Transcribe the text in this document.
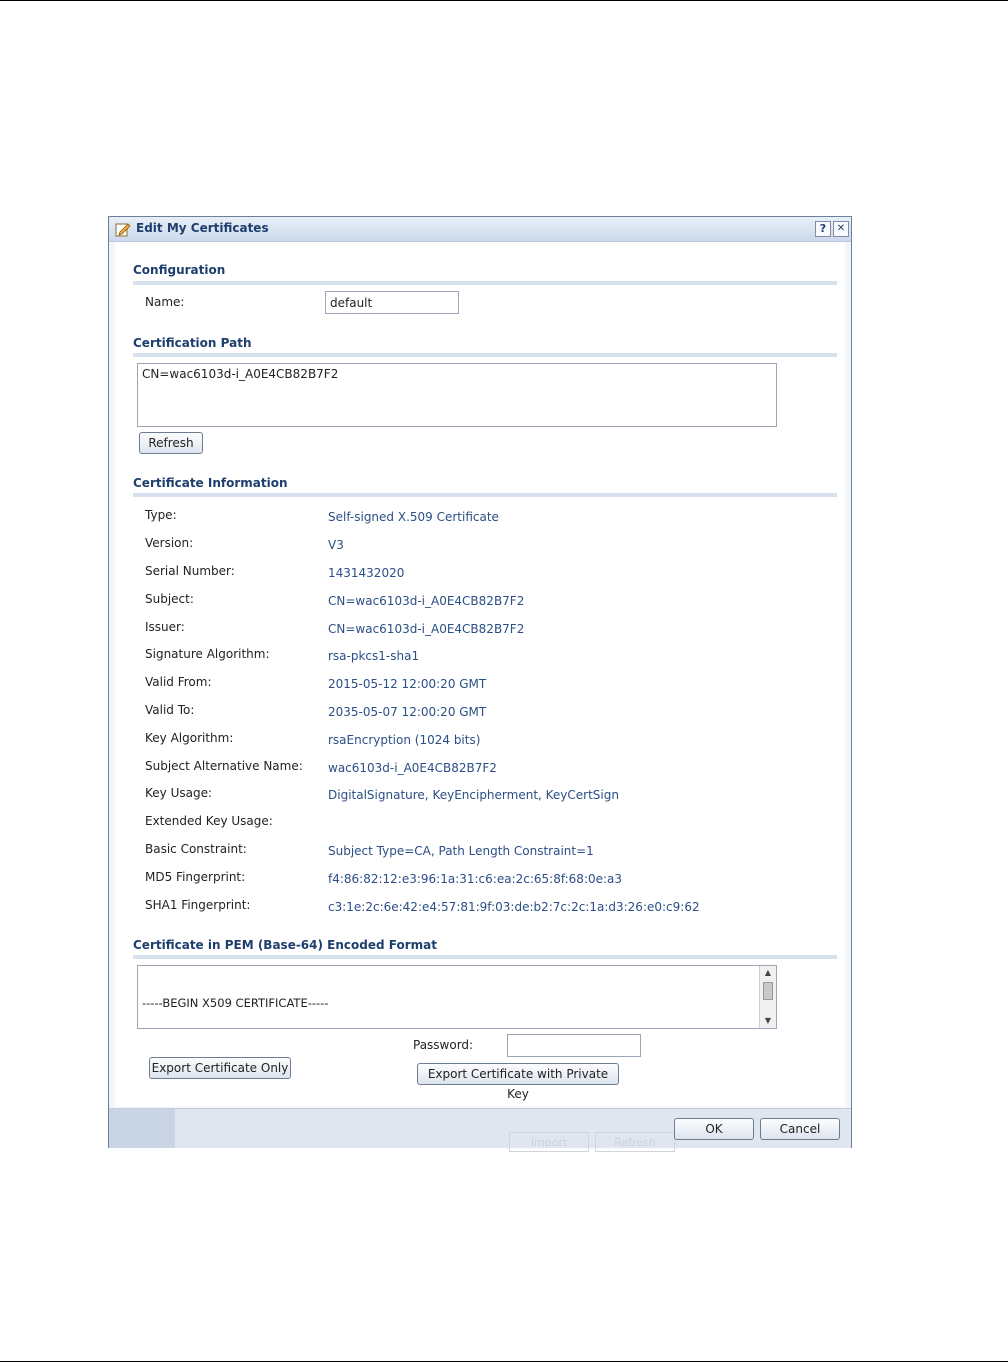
Edit My Certificates	?	✕
Configuration
Name:
default
Certification Path
CN=wac6103d-i_A0E4CB82B7F2
Refresh
Certificate Information
Type:	Self-signed X.509 Certificate
Version:	V3
Serial Number:	1431432020
Subject:	CN=wac6103d-i_A0E4CB82B7F2
Issuer:	CN=wac6103d-i_A0E4CB82B7F2
Signature Algorithm:	rsa-pkcs1-sha1
Valid From:	2015-05-12 12:00:20 GMT
Valid To:	2035-05-07 12:00:20 GMT
Key Algorithm:	rsaEncryption (1024 bits)
Subject Alternative Name: wac6103d-i_A0E4CB82B7F2
Key Usage:	DigitalSignature, KeyEncipherment, KeyCertSign
Extended Key Usage:
Basic Constraint:	Subject Type=CA, Path Length Constraint=1
MD5 Fingerprint:	f4:86:82:12:e3:96:1a:31:c6:ea:2c:65:8f:68:0e:a3
SHA1 Fingerprint:	c3:1e:2c:6e:42:e4:57:81:9f:03:de:b2:7c:2c:1a:d3:26:e0:c9:62
Certificate in PEM (Base-64) Encoded Format

-----BEGIN X509 CERTIFICATE-----

▲
▼
Password:
Export Certificate Only	Export Certificate with Private Key
Import	Refresh
OK	Cancel
